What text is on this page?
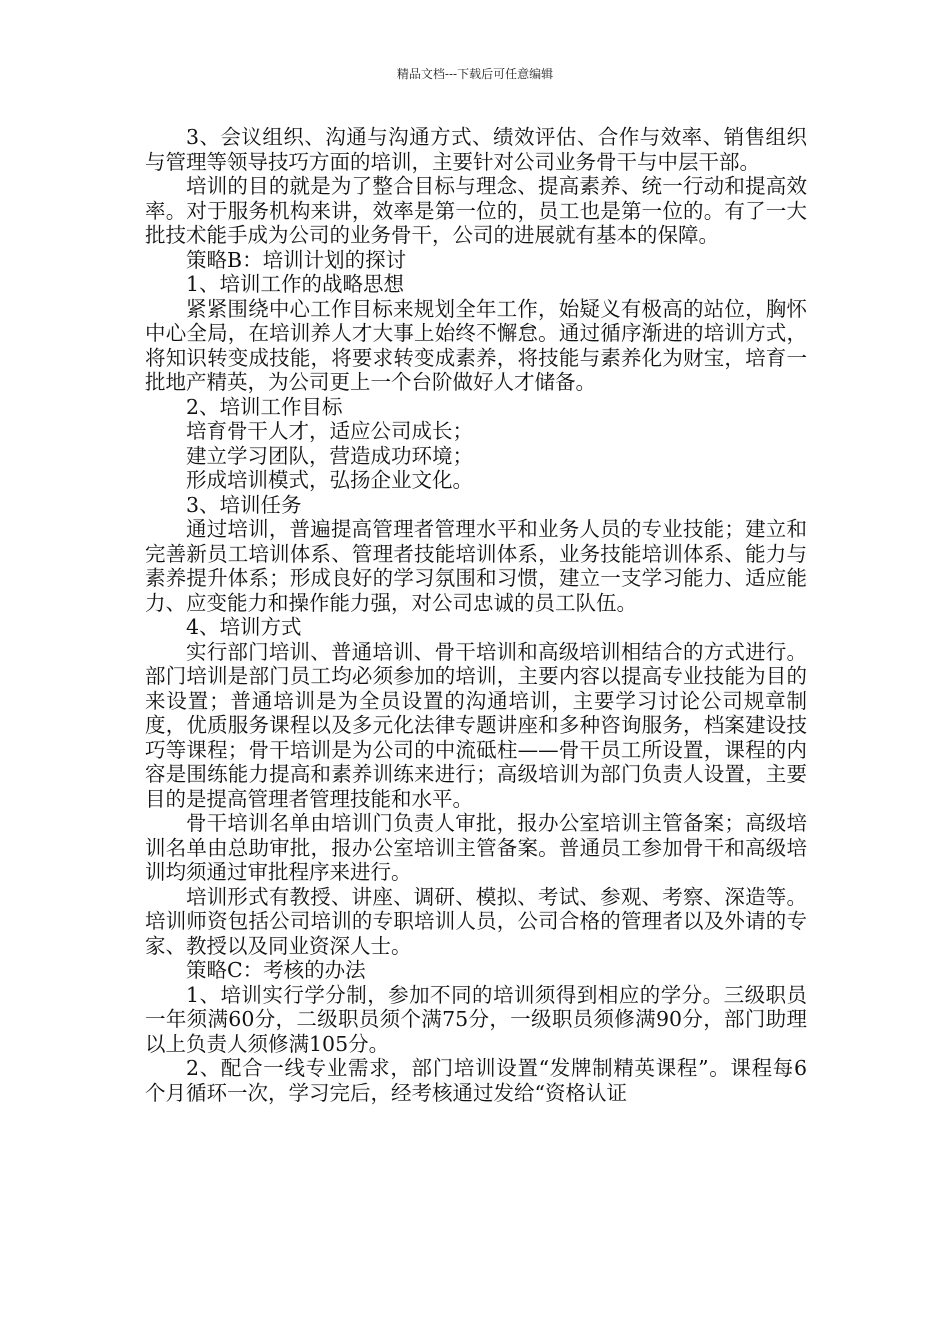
精品文档---下载后可任意编辑

3、会议组织、沟通与沟通方式、绩效评估、合作与效率、销售组织与管理等领导技巧方面的培训，主要针对公司业务骨干与中层干部。

培训的目的就是为了整合目标与理念、提高素养、统一行动和提高效率。对于服务机构来讲，效率是第一位的，员工也是第一位的。有了一大批技术能手成为公司的业务骨干，公司的进展就有基本的保障。

策略B：培训计划的探讨

1、培训工作的战略思想

紧紧围绕中心工作目标来规划全年工作，始疑义有极高的站位，胸怀中心全局，在培训养人才大事上始终不懈怠。通过循序渐进的培训方式，将知识转变成技能，将要求转变成素养，将技能与素养化为财宝，培育一批地产精英，为公司更上一个台阶做好人才储备。

2、培训工作目标

培育骨干人才，适应公司成长；

建立学习团队，营造成功环境；

形成培训模式，弘扬企业文化。

3、培训任务

通过培训，普遍提高管理者管理水平和业务人员的专业技能；建立和完善新员工培训体系、管理者技能培训体系，业务技能培训体系、能力与素养提升体系；形成良好的学习氛围和习惯，建立一支学习能力、适应能力、应变能力和操作能力强，对公司忠诚的员工队伍。

4、培训方式

实行部门培训、普通培训、骨干培训和高级培训相结合的方式进行。部门培训是部门员工均必须参加的培训，主要内容以提高专业技能为目的来设置；普通培训是为全员设置的沟通培训，主要学习讨论公司规章制度，优质服务课程以及多元化法律专题讲座和多种咨询服务，档案建设技巧等课程；骨干培训是为公司的中流砥柱——骨干员工所设置，课程的内容是围练能力提高和素养训练来进行；高级培训为部门负责人设置，主要目的是提高管理者管理技能和水平。

骨干培训名单由培训门负责人审批，报办公室培训主管备案；高级培训名单由总助审批，报办公室培训主管备案。普通员工参加骨干和高级培训均须通过审批程序来进行。

培训形式有教授、讲座、调研、模拟、考试、参观、考察、深造等。培训师资包括公司培训的专职培训人员，公司合格的管理者以及外请的专家、教授以及同业资深人士。

策略C：考核的办法

1、培训实行学分制，参加不同的培训须得到相应的学分。三级职员一年须满60分，二级职员须个满75分，一级职员须修满90分，部门助理以上负责人须修满105分。

2、配合一线专业需求，部门培训设置“发牌制精英课程”。课程每6个月循环一次，学习完后，经考核通过发给“资格认证
